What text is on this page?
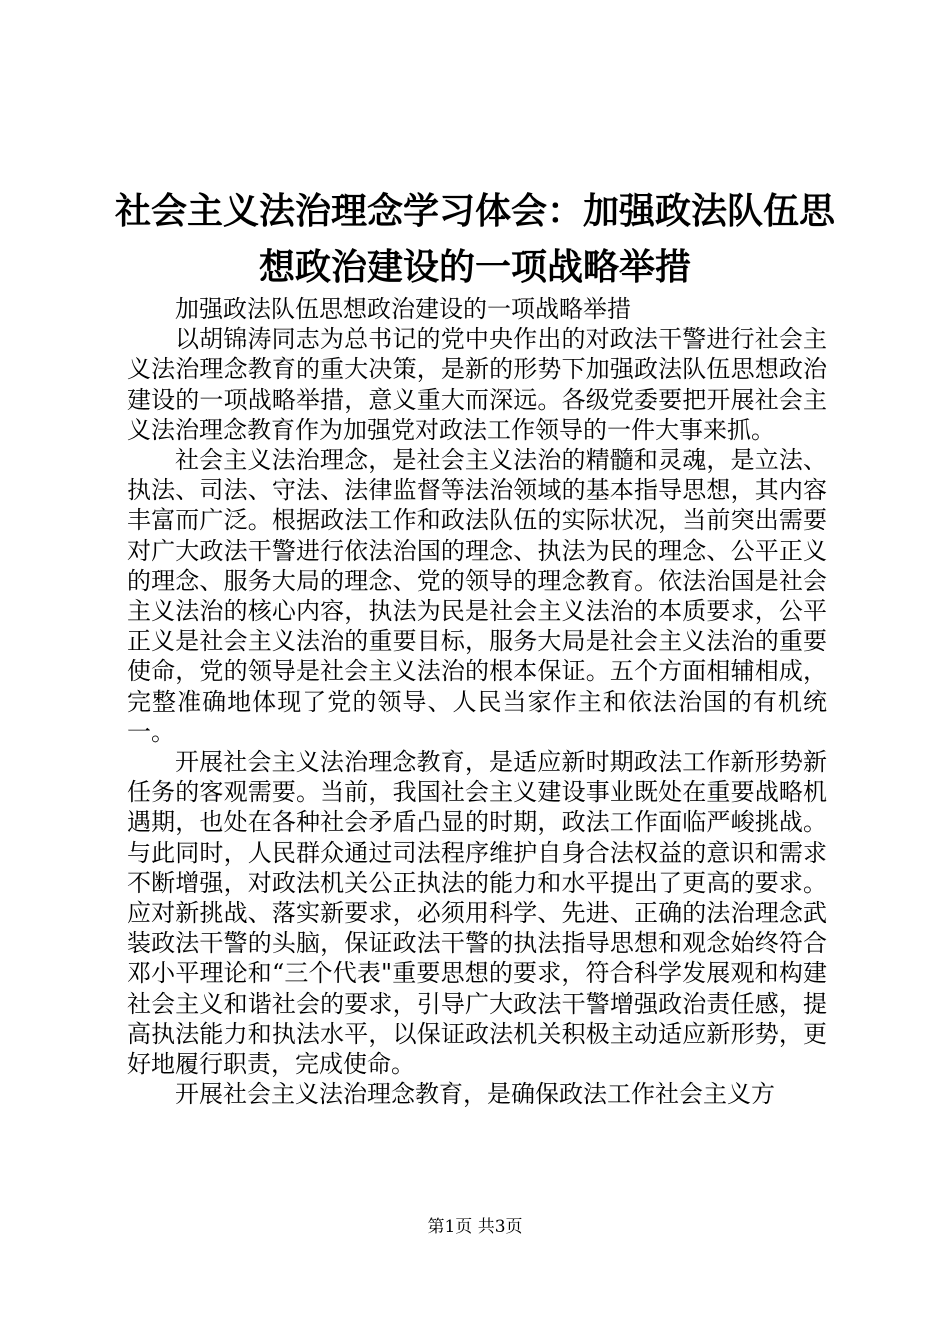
社会主义法治理念学习体会：加强政法队伍思想政治建设的一项战略举措

加强政法队伍思想政治建设的一项战略举措

以胡锦涛同志为总书记的党中央作出的对政法干警进行社会主义法治理念教育的重大决策，是新的形势下加强政法队伍思想政治建设的一项战略举措，意义重大而深远。各级党委要把开展社会主义法治理念教育作为加强党对政法工作领导的一件大事来抓。

社会主义法治理念，是社会主义法治的精髓和灵魂，是立法、执法、司法、守法、法律监督等法治领域的基本指导思想，其内容丰富而广泛。根据政法工作和政法队伍的实际状况，当前突出需要对广大政法干警进行依法治国的理念、执法为民的理念、公平正义的理念、服务大局的理念、党的领导的理念教育。依法治国是社会主义法治的核心内容，执法为民是社会主义法治的本质要求，公平正义是社会主义法治的重要目标，服务大局是社会主义法治的重要使命，党的领导是社会主义法治的根本保证。五个方面相辅相成，完整准确地体现了党的领导、人民当家作主和依法治国的有机统一。

开展社会主义法治理念教育，是适应新时期政法工作新形势新任务的客观需要。当前，我国社会主义建设事业既处在重要战略机遇期，也处在各种社会矛盾凸显的时期，政法工作面临严峻挑战。与此同时，人民群众通过司法程序维护自身合法权益的意识和需求不断增强，对政法机关公正执法的能力和水平提出了更高的要求。应对新挑战、落实新要求，必须用科学、先进、正确的法治理念武装政法干警的头脑，保证政法干警的执法指导思想和观念始终符合邓小平理论和“三个代表"重要思想的要求，符合科学发展观和构建社会主义和谐社会的要求，引导广大政法干警增强政治责任感，提高执法能力和执法水平，以保证政法机关积极主动适应新形势，更好地履行职责，完成使命。

开展社会主义法治理念教育，是确保政法工作社会主义方

第1页 共3页
